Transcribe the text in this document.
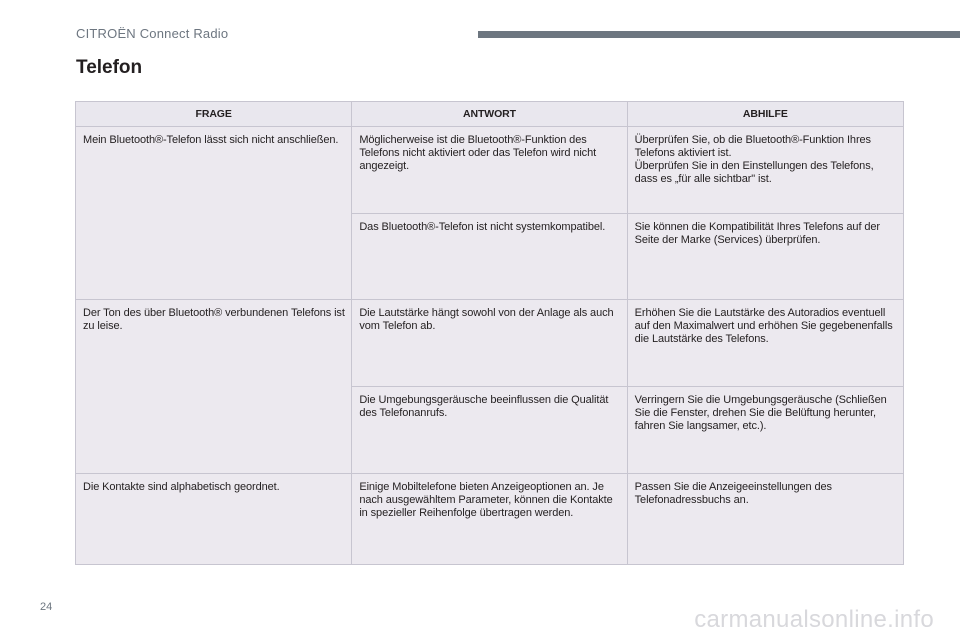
CITROËN Connect Radio
Telefon
FRAGE	ANTWORT	ABHILFE
Mein Bluetooth®-Telefon lässt sich nicht anschließen.	Möglicherweise ist die Bluetooth®-Funktion des Telefons nicht aktiviert oder das Telefon wird nicht angezeigt.	Überprüfen Sie, ob die Bluetooth®-Funktion Ihres Telefons aktiviert ist.
Überprüfen Sie in den Einstellungen des Telefons, dass es „für alle sichtbar" ist.
	Das Bluetooth®-Telefon ist nicht systemkompatibel.	Sie können die Kompatibilität Ihres Telefons auf der Seite der Marke (Services) überprüfen.
Der Ton des über Bluetooth® verbundenen Telefons ist zu leise.	Die Lautstärke hängt sowohl von der Anlage als auch vom Telefon ab.	Erhöhen Sie die Lautstärke des Autoradios eventuell auf den Maximalwert und erhöhen Sie gegebenenfalls die Lautstärke des Telefons.
	Die Umgebungsgeräusche beeinflussen die Qualität des Telefonanrufs.	Verringern Sie die Umgebungsgeräusche (Schließen Sie die Fenster, drehen Sie die Belüftung herunter, fahren Sie langsamer, etc.).
Die Kontakte sind alphabetisch geordnet.	Einige Mobiltelefone bieten Anzeigeoptionen an. Je nach ausgewähltem Parameter, können die Kontakte in spezieller Reihenfolge übertragen werden.	Passen Sie die Anzeigeeinstellungen des Telefonadressbuchs an.
24	carmanualsonline.info
